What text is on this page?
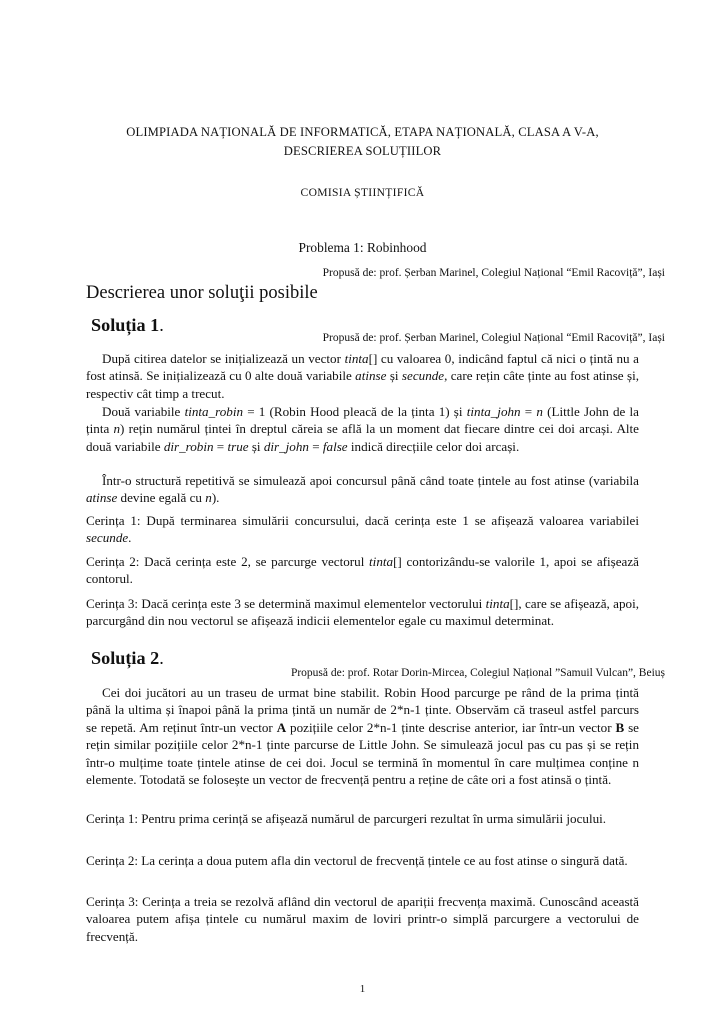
OLIMPIADA NAȚIONALĂ DE INFORMATICĂ, ETAPA NAȚIONALĂ, CLASA A V-A,
DESCRIEREA SOLUȚIILOR
COMISIA ȘTIINȚIFICĂ
Problema 1: Robinhood
Propusă de: prof. Șerban Marinel, Colegiul Național “Emil Racoviță”, Iași
Descrierea unor soluţii posibile
Soluția 1.
Propusă de: prof. Șerban Marinel, Colegiul Național “Emil Racoviță”, Iași
După citirea datelor se inițializează un vector tinta[] cu valoarea 0, indicând faptul că nici o țintă nu a fost atinsă. Se inițializează cu 0 alte două variabile atinse și secunde, care rețin câte ținte au fost atinse și, respectiv cât timp a trecut.
Două variabile tinta_robin = 1 (Robin Hood pleacă de la ținta 1) și tinta_john = n (Little John de la ținta n) rețin numărul țintei în dreptul căreia se află la un moment dat fiecare dintre cei doi arcași. Alte două variabile dir_robin = true și dir_john = false indică direcțiile celor doi arcași.
Într-o structură repetitivă se simulează apoi concursul până când toate țintele au fost atinse (variabila atinse devine egală cu n).
Cerința 1: După terminarea simulării concursului, dacă cerința este 1 se afișează valoarea variabilei secunde.
Cerința 2: Dacă cerința este 2, se parcurge vectorul tinta[] contorizându-se valorile 1, apoi se afișează contorul.
Cerința 3: Dacă cerința este 3 se determină maximul elementelor vectorului tinta[], care se afișează, apoi, parcurgând din nou vectorul se afișează indicii elementelor egale cu maximul determinat.
Soluția 2.
Propusă de: prof. Rotar Dorin-Mircea, Colegiul Național ”Samuil Vulcan”, Beiuș
Cei doi jucători au un traseu de urmat bine stabilit. Robin Hood parcurge pe rând de la prima țintă până la ultima și înapoi până la prima țintă un număr de 2*n-1 ținte. Observăm că traseul astfel parcurs se repetă. Am reținut într-un vector A pozițiile celor 2*n-1 ținte descrise anterior, iar într-un vector B se rețin similar pozițiile celor 2*n-1 ținte parcurse de Little John. Se simulează jocul pas cu pas și se rețin într-o mulțime toate țintele atinse de cei doi. Jocul se termină în momentul în care mulțimea conține n elemente. Totodată se folosește un vector de frecvență pentru a reține de câte ori a fost atinsă o țintă.
Cerința 1: Pentru prima cerință se afișează numărul de parcurgeri rezultat în urma simulării jocului.
Cerința 2: La cerința a doua putem afla din vectorul de frecvență țintele ce au fost atinse o singură dată.
Cerința 3: Cerința a treia se rezolvă aflând din vectorul de apariții frecvența maximă. Cunoscând această valoarea putem afișa țintele cu numărul maxim de loviri printr-o simplă parcurgere a vectorului de frecvență.
1
